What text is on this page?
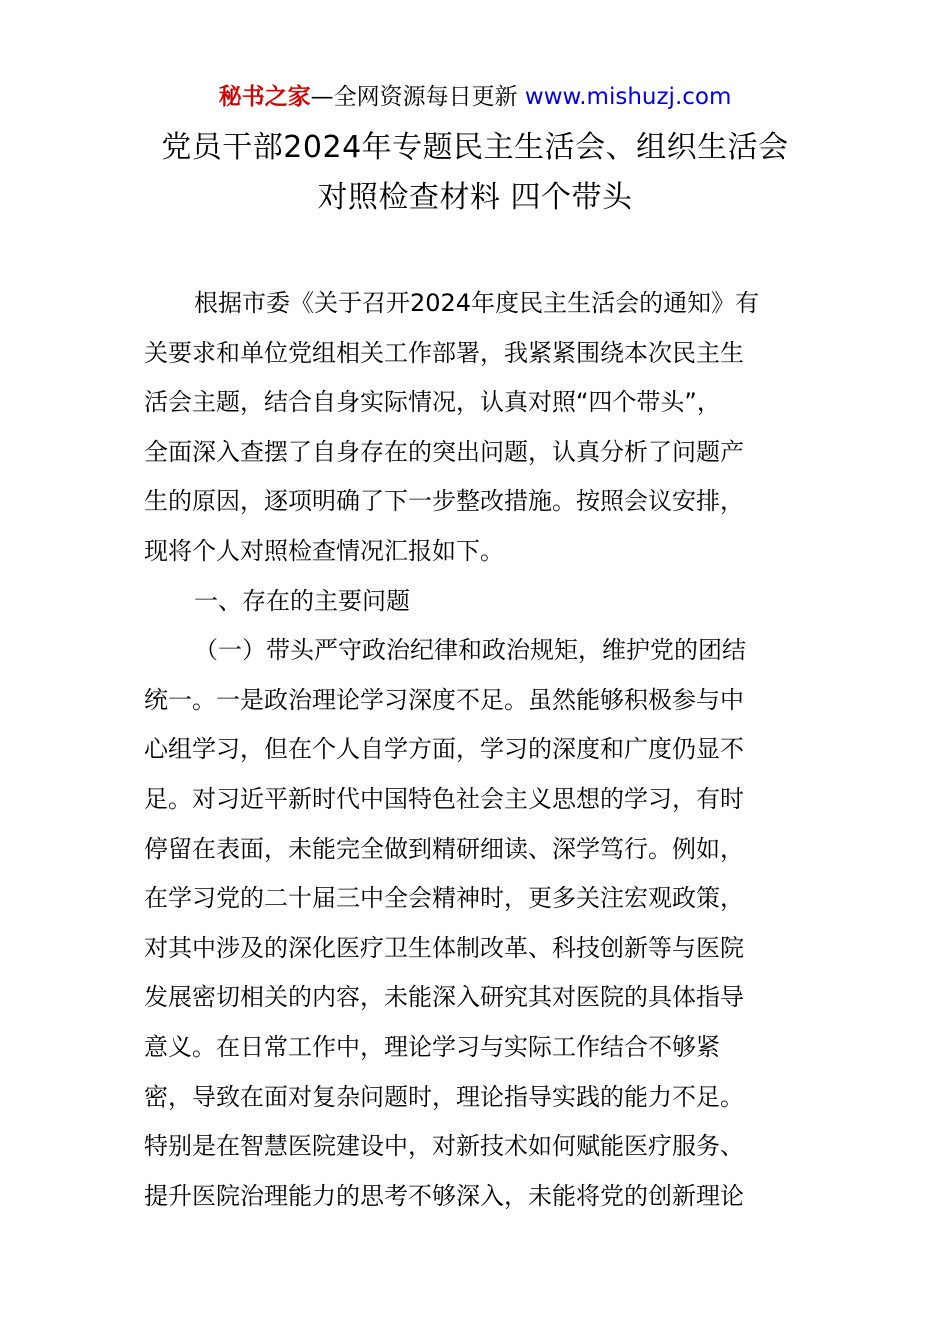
秘书之家—全网资源每日更新 www.mishuzj.com
党员干部2024年专题民主生活会、组织生活会
对照检查材料 四个带头
根据市委《关于召开2024年度民主生活会的通知》有
关要求和单位党组相关工作部署，我紧紧围绕本次民主生
活会主题，结合自身实际情况，认真对照“四个带头”，
全面深入查摆了自身存在的突出问题，认真分析了问题产
生的原因，逐项明确了下一步整改措施。按照会议安排，
现将个人对照检查情况汇报如下。
一、存在的主要问题
（一）带头严守政治纪律和政治规矩，维护党的团结
统一。一是政治理论学习深度不足。虽然能够积极参与中
心组学习，但在个人自学方面，学习的深度和广度仍显不
足。对习近平新时代中国特色社会主义思想的学习，有时
停留在表面，未能完全做到精研细读、深学笃行。例如，
在学习党的二十届三中全会精神时，更多关注宏观政策，
对其中涉及的深化医疗卫生体制改革、科技创新等与医院
发展密切相关的内容，未能深入研究其对医院的具体指导
意义。在日常工作中，理论学习与实际工作结合不够紧
密，导致在面对复杂问题时，理论指导实践的能力不足。
特别是在智慧医院建设中，对新技术如何赋能医疗服务、
提升医院治理能力的思考不够深入，未能将党的创新理论
